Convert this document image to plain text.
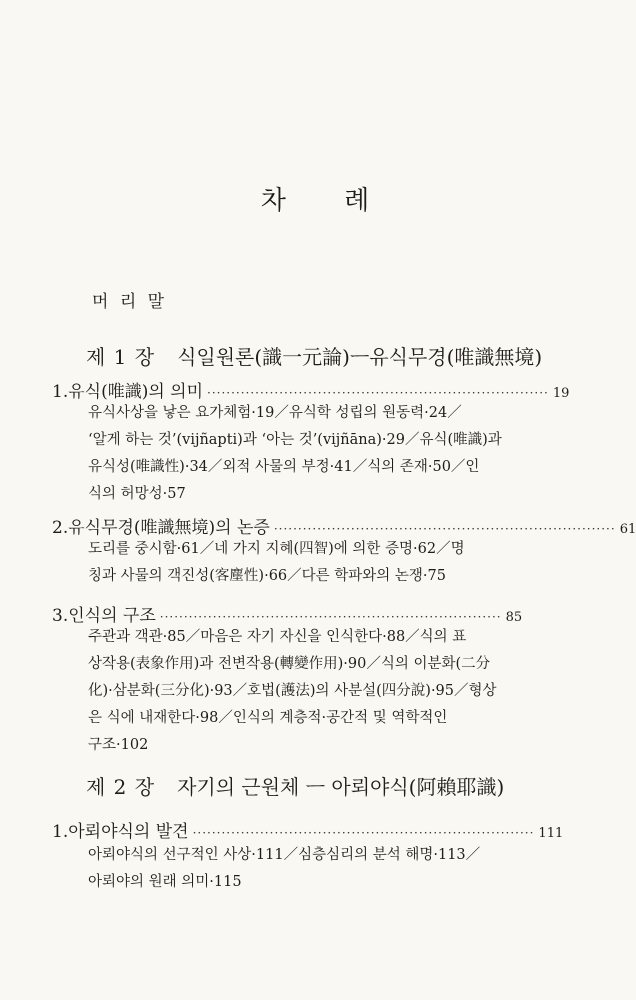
차 례
머 리 말
제 1 장 식일원론(識一元論)ㅡ유식무경(唯識無境)
1. 유식(唯識)의 의미 ······································································· 19
유식사상을 낳은 요가체험·19／유식학 성립의 원동력·24／
‘알게 하는 것’(vijñapti)과 ‘아는 것’(vijñāna)·29／유식(唯識)과
유식성(唯識性)·34／외적 사물의 부정·41／식의 존재·50／인
식의 허망성·57
2. 유식무경(唯識無境)의 논증 ······································································· 61
도리를 중시함·61／네 가지 지혜(四智)에 의한 증명·62／명
칭과 사물의 객진성(客塵性)·66／다른 학파와의 논쟁·75
3. 인식의 구조 ······································································· 85
주관과 객관·85／마음은 자기 자신을 인식한다·88／식의 표
상작용(表象作用)과 전변작용(轉變作用)·90／식의 이분화(二分
化)·삼분화(三分化)·93／호법(護法)의 사분설(四分說)·95／형상
은 식에 내재한다·98／인식의 계층적·공간적 및 역학적인
구조·102
제 2 장 자기의 근원체 ㅡ 아뢰야식(阿賴耶識)
1. 아뢰야식의 발견 ······································································· 111
아뢰야식의 선구적인 사상·111／심층심리의 분석 해명·113／
아뢰야의 원래 의미·115
